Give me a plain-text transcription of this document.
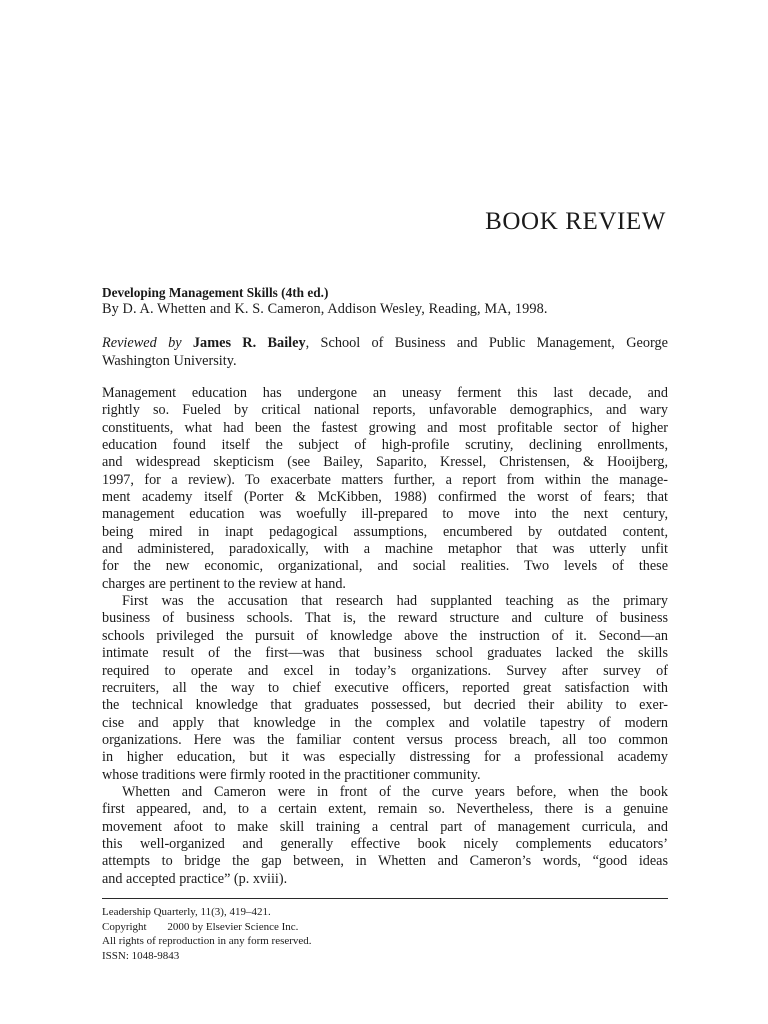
BOOK REVIEW
Developing Management Skills (4th ed.)
By D. A. Whetten and K. S. Cameron, Addison Wesley, Reading, MA, 1998.
Reviewed by James R. Bailey, School of Business and Public Management, George
Washington University.
Management education has undergone an uneasy ferment this last decade, and
rightly so. Fueled by critical national reports, unfavorable demographics, and wary
constituents, what had been the fastest growing and most profitable sector of higher
education found itself the subject of high-profile scrutiny, declining enrollments,
and widespread skepticism (see Bailey, Saparito, Kressel, Christensen, & Hooijberg,
1997, for a review). To exacerbate matters further, a report from within the manage-
ment academy itself (Porter & McKibben, 1988) confirmed the worst of fears; that
management education was woefully ill-prepared to move into the next century,
being mired in inapt pedagogical assumptions, encumbered by outdated content,
and administered, paradoxically, with a machine metaphor that was utterly unfit
for the new economic, organizational, and social realities. Two levels of these
charges are pertinent to the review at hand.
First was the accusation that research had supplanted teaching as the primary
business of business schools. That is, the reward structure and culture of business
schools privileged the pursuit of knowledge above the instruction of it. Second—an
intimate result of the first—was that business school graduates lacked the skills
required to operate and excel in today’s organizations. Survey after survey of
recruiters, all the way to chief executive officers, reported great satisfaction with
the technical knowledge that graduates possessed, but decried their ability to exer-
cise and apply that knowledge in the complex and volatile tapestry of modern
organizations. Here was the familiar content versus process breach, all too common
in higher education, but it was especially distressing for a professional academy
whose traditions were firmly rooted in the practitioner community.
Whetten and Cameron were in front of the curve years before, when the book
first appeared, and, to a certain extent, remain so. Nevertheless, there is a genuine
movement afoot to make skill training a central part of management curricula, and
this well-organized and generally effective book nicely complements educators’
attempts to bridge the gap between, in Whetten and Cameron’s words, “good ideas
and accepted practice” (p. xviii).
Leadership Quarterly, 11(3), 419–421.
Copyright 2000 by Elsevier Science Inc.
All rights of reproduction in any form reserved.
ISSN: 1048-9843
